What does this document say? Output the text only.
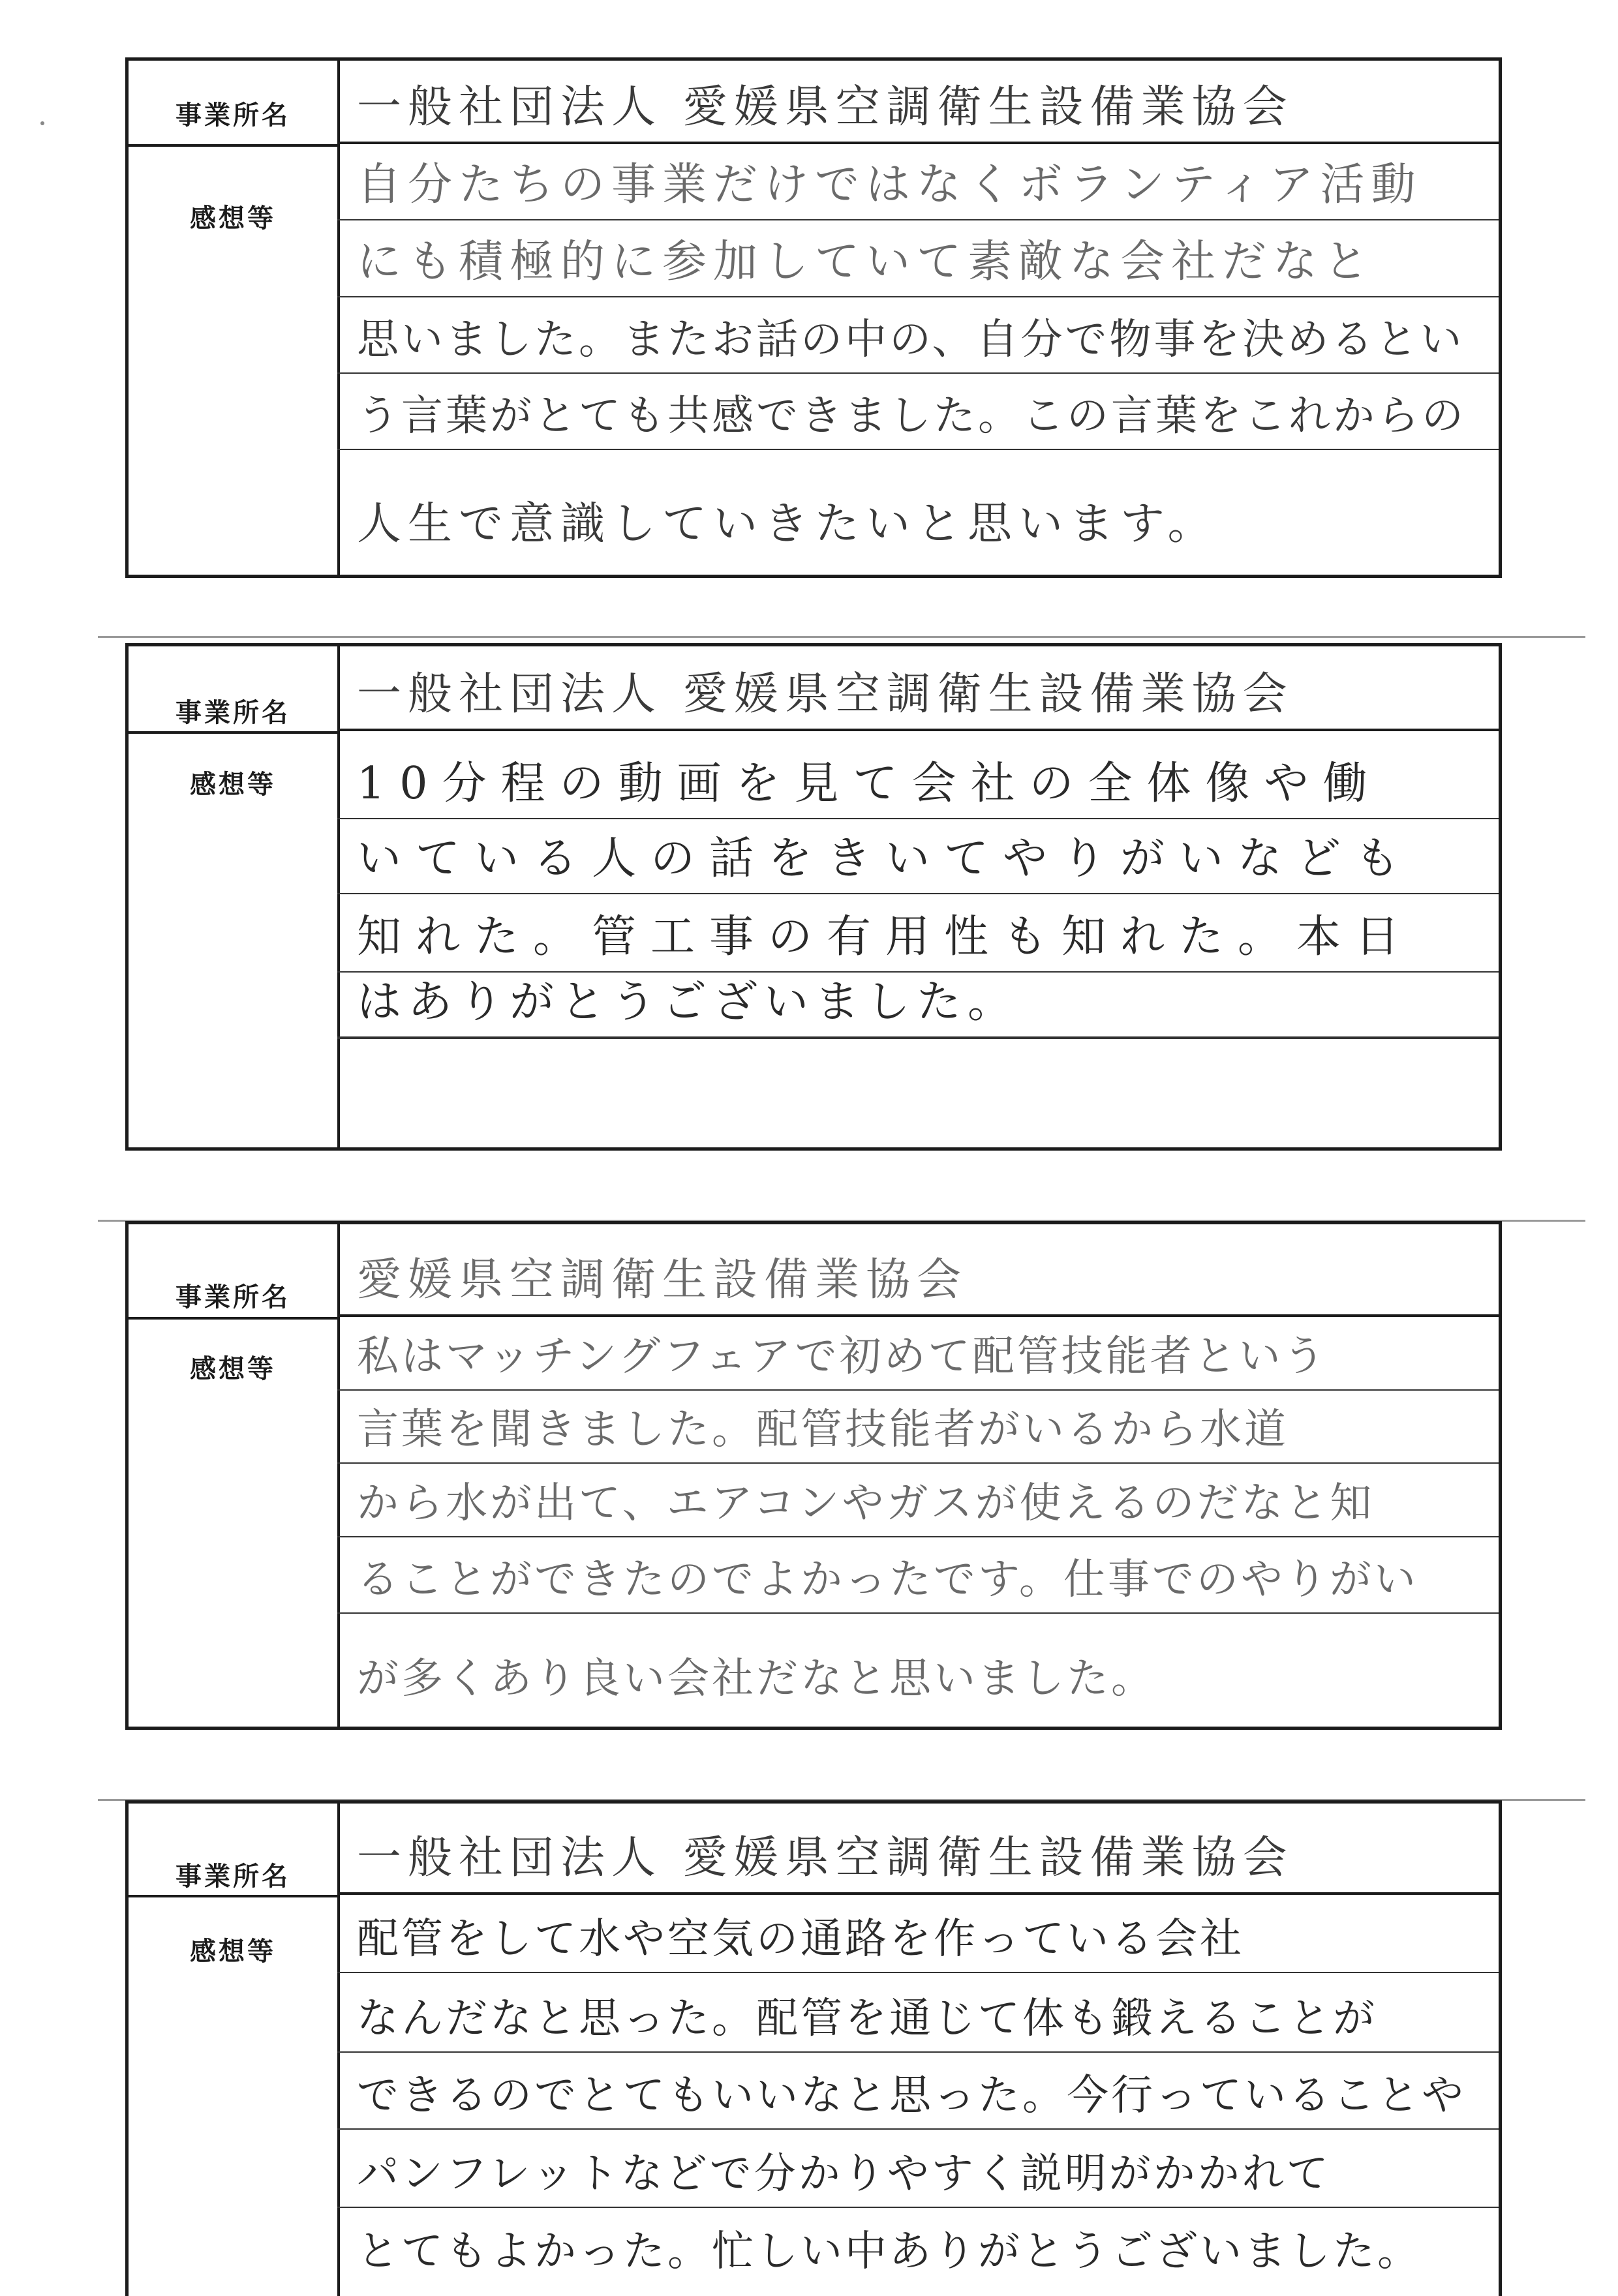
事業所名
感想等
一般社団法人 愛媛県空調衛生設備業協会
自分たちの事業だけではなくボランティア活動
にも積極的に参加していて素敵な会社だなと
思いました。またお話の中の、自分で物事を決めるとい
う言葉がとても共感できました。この言葉をこれからの
人生で意識していきたいと思います。
事業所名
感想等
一般社団法人 愛媛県空調衛生設備業協会
10分程の動画を見て会社の全体像や働
いている人の話をきいてやりがいなども
知れた。管工事の有用性も知れた。本日
はありがとうございました。
事業所名
感想等
愛媛県空調衛生設備業協会
私はマッチングフェアで初めて配管技能者という
言葉を聞きました。配管技能者がいるから水道
から水が出て、エアコンやガスが使えるのだなと知
ることができたのでよかったです。仕事でのやりがい
が多くあり良い会社だなと思いました。
事業所名
感想等
一般社団法人 愛媛県空調衛生設備業協会
配管をして水や空気の通路を作っている会社
なんだなと思った。配管を通じて体も鍛えることが
できるのでとてもいいなと思った。今行っていることや
パンフレットなどで分かりやすく説明がかかれて
とてもよかった。忙しい中ありがとうございました。
